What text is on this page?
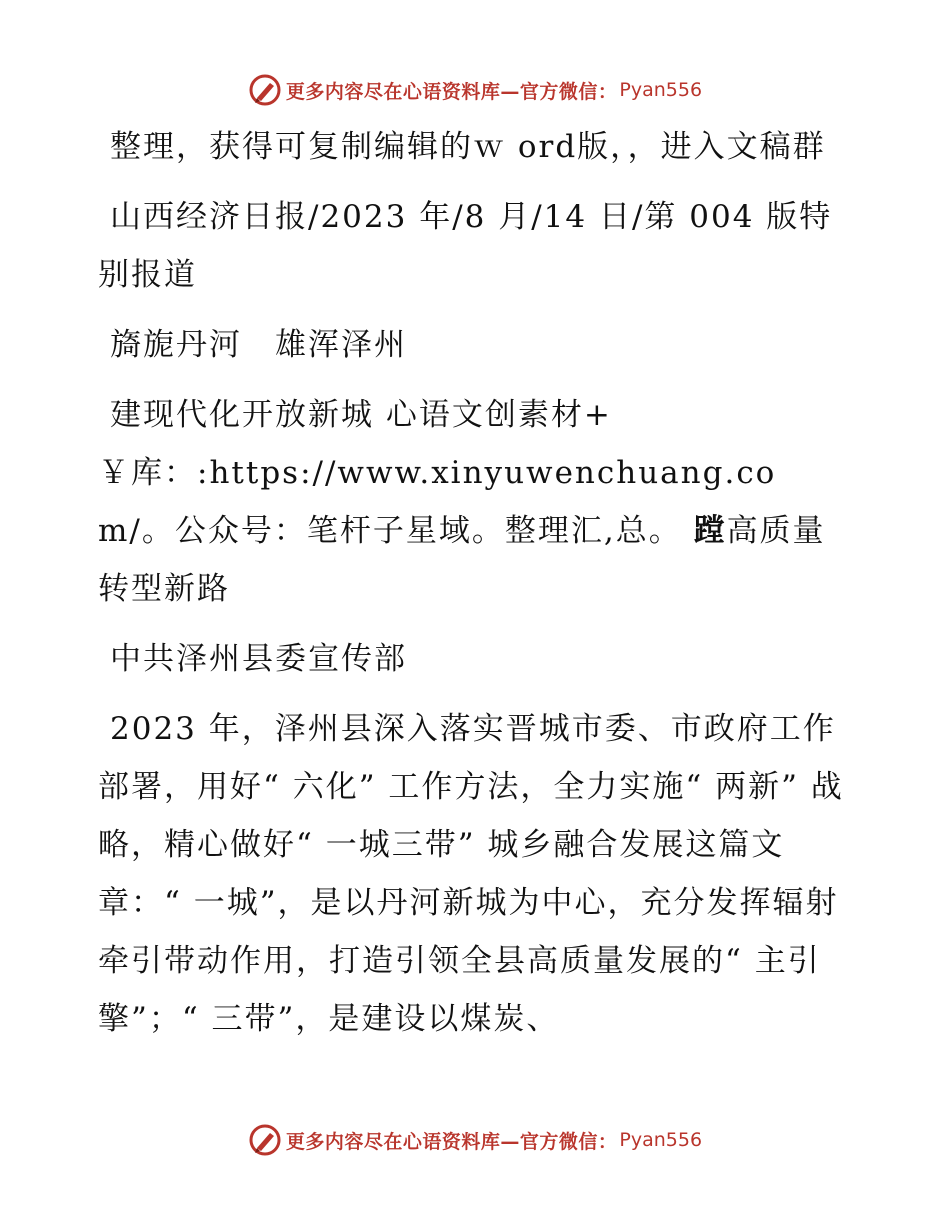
更多内容尽在心语资料库—官方微信： Pyan556

整理，获得可复制编辑的ｗ ord版，，进入文稿群

山西经济日报/2023 年/8 月/14 日/第 004 版特别报道

旖旎丹河　雄浑泽州

建现代化开放新城 心语文创素材+

￥库：:https://www.xinyuwenchuang.com/。公众号：笔杆子星域。整理汇,总。 蹚高质量转型新路

中共泽州县委宣传部

2023 年，泽州县深入落实晋城市委、市政府工作部署，用好“ 六化” 工作方法，全力实施“ 两新” 战略，精心做好“ 一城三带” 城乡融合发展这篇文章：“ 一城”，是以丹河新城为中心，充分发挥辐射牵引带动作用，打造引领全县高质量发展的“ 主引擎”；“ 三带”，是建设以煤炭、

更多内容尽在心语资料库—官方微信： Pyan556
